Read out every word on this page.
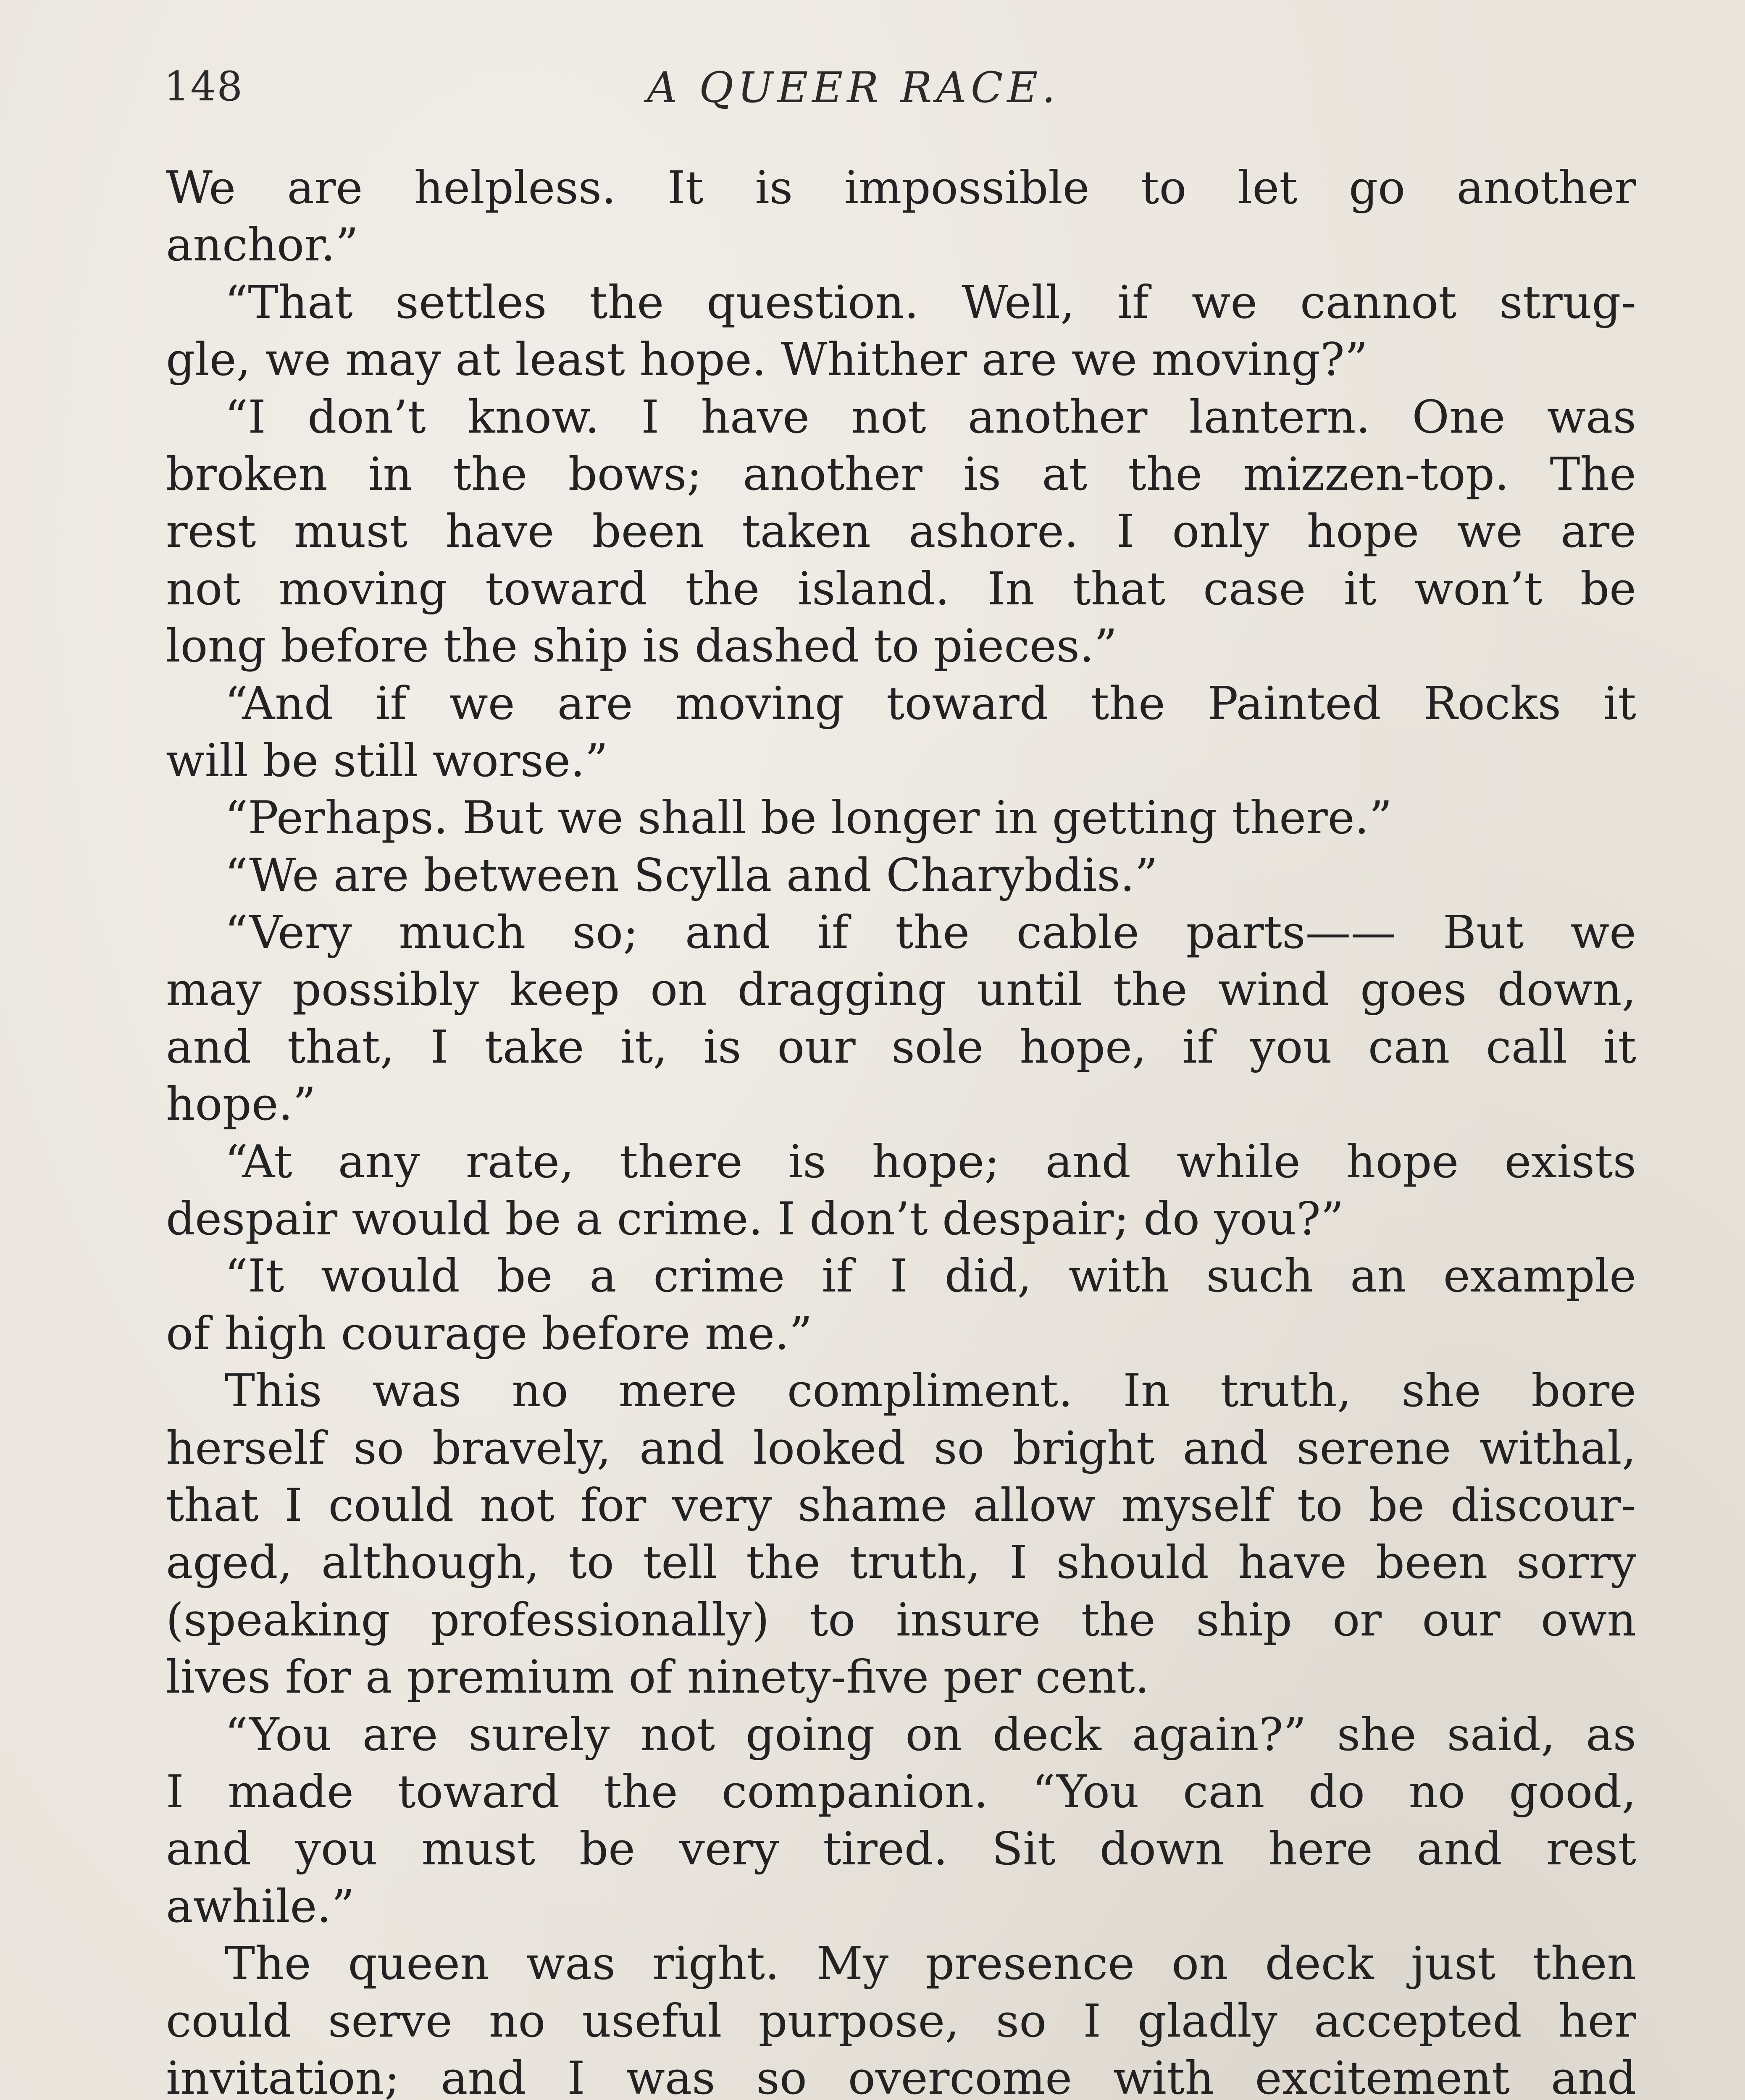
148	A QUEER RACE.
We are helpless. It is impossible to let go another
anchor.”
“That settles the question. Well, if we cannot strug-
gle, we may at least hope. Whither are we moving?”
“I don’t know. I have not another lantern. One was
broken in the bows; another is at the mizzen-top. The
rest must have been taken ashore. I only hope we are
not moving toward the island. In that case it won’t be
long before the ship is dashed to pieces.”
“And if we are moving toward the Painted Rocks it
will be still worse.”
“Perhaps. But we shall be longer in getting there.”
“We are between Scylla and Charybdis.”
“Very much so; and if the cable parts—— But we
may possibly keep on dragging until the wind goes down,
and that, I take it, is our sole hope, if you can call it
hope.”
“At any rate, there is hope; and while hope exists
despair would be a crime. I don’t despair; do you?”
“It would be a crime if I did, with such an example
of high courage before me.”
This was no mere compliment. In truth, she bore
herself so bravely, and looked so bright and serene withal,
that I could not for very shame allow myself to be discour-
aged, although, to tell the truth, I should have been sorry
(speaking professionally) to insure the ship or our own
lives for a premium of ninety-five per cent.
“You are surely not going on deck again?” she said, as
I made toward the companion. “You can do no good,
and you must be very tired. Sit down here and rest
awhile.”
The queen was right. My presence on deck just then
could serve no useful purpose, so I gladly accepted her
invitation; and I was so overcome with excitement and
